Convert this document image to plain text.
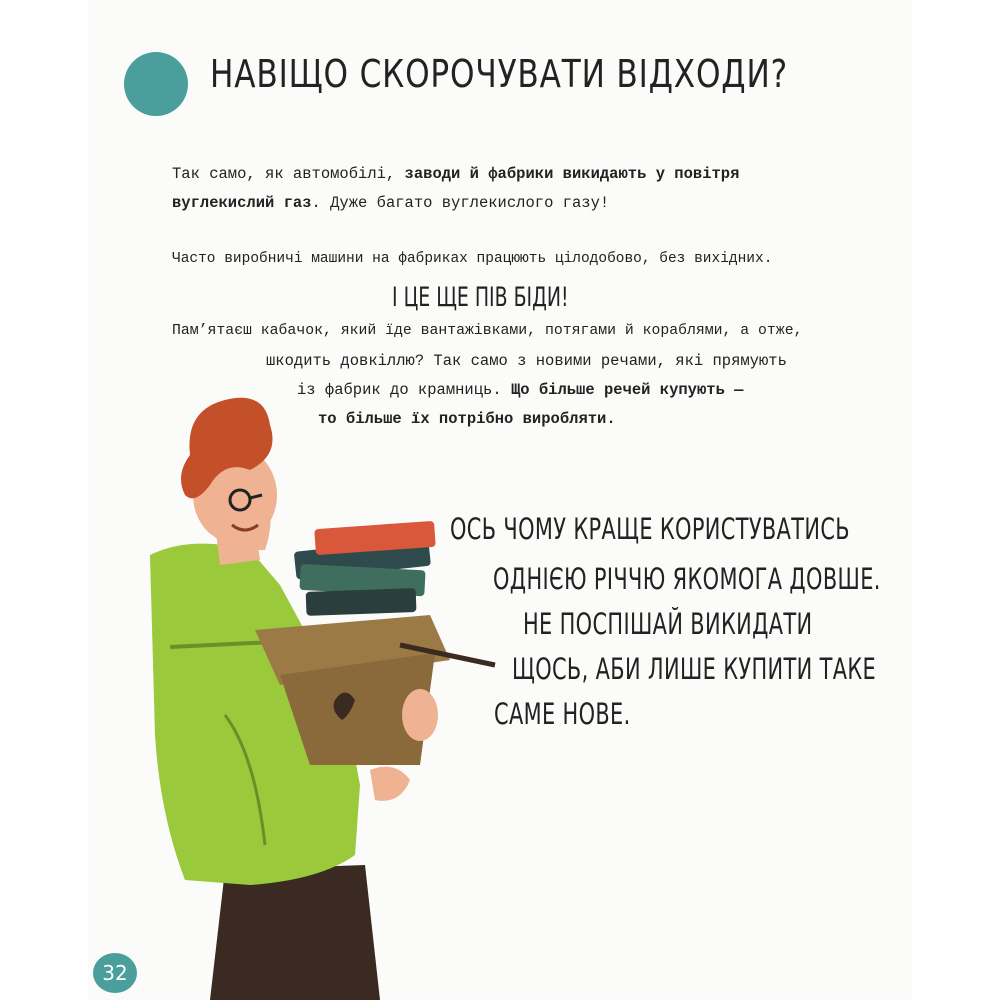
НАВІЩО СКОРОЧУВАТИ ВІДХОДИ?
Так само, як автомобілі, заводи й фабрики викидають у повітря
вуглекислий газ. Дуже багато вуглекислого газу!
Часто виробничі машини на фабриках працюють цілодобово, без вихідних.
І ЦЕ ЩЕ ПІВ БІДИ!
Пам’ятаєш кабачок, який їде вантажівками, потягами й кораблями, а отже,
шкодить довкіллю? Так само з новими речами, які прямують
із фабрик до крамниць. Що більше речей купують —
то більше їх потрібно виробляти.
ОСЬ ЧОМУ КРАЩЕ КОРИСТУВАТИСЬ
ОДНІЄЮ РІЧЧЮ ЯКОМОГА ДОВШЕ.
НЕ ПОСПІШАЙ ВИКИДАТИ
ЩОСЬ, АБИ ЛИШЕ КУПИТИ ТАКЕ
САМЕ НОВЕ.
32
